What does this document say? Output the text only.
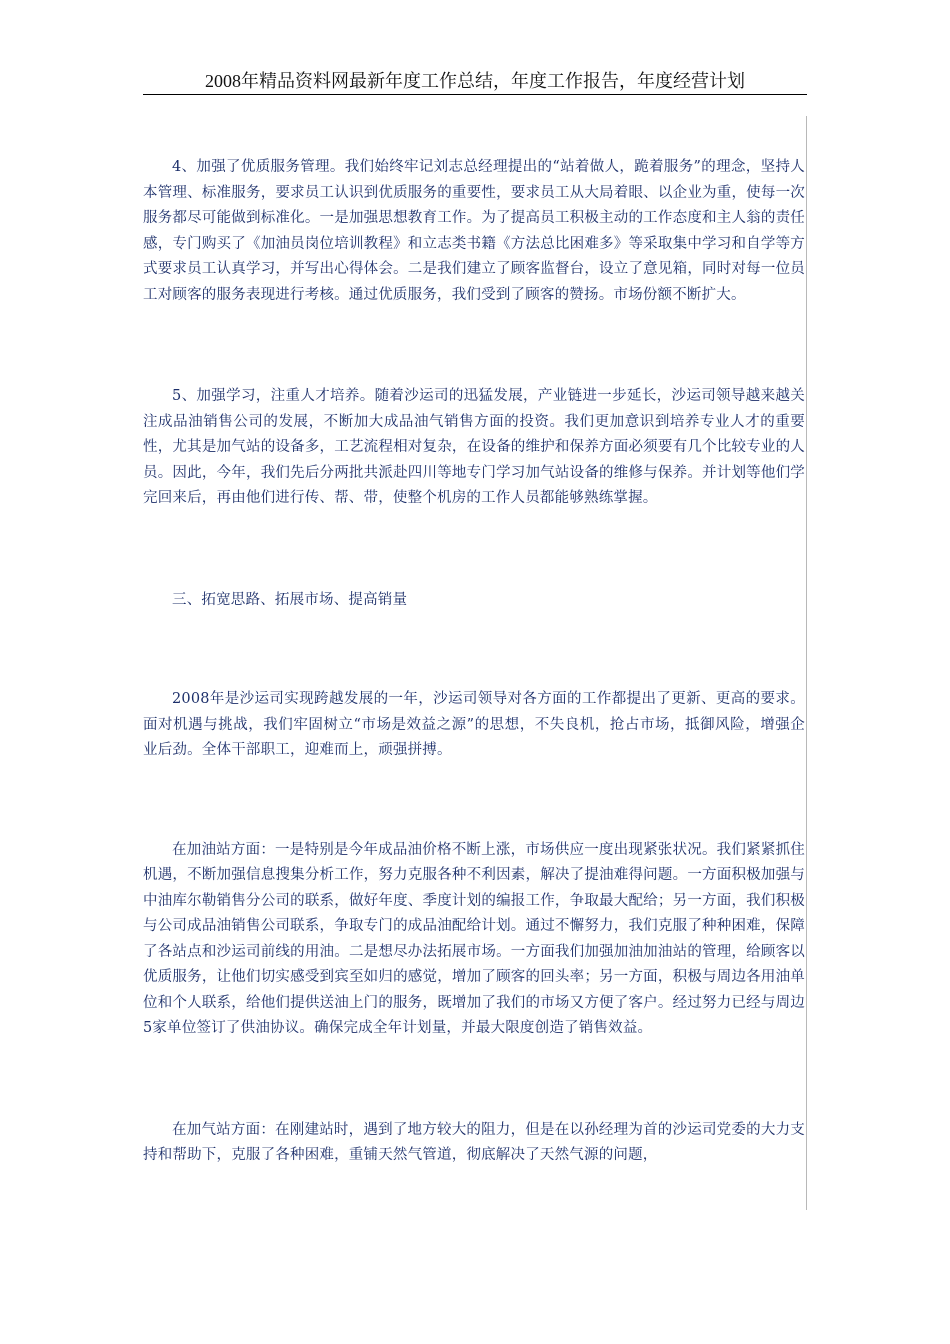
2008年精品资料网最新年度工作总结，年度工作报告，年度经营计划

4、加强了优质服务管理。我们始终牢记刘志总经理提出的“站着做人，跪着服务”的理念，坚持人本管理、标准服务，要求员工认识到优质服务的重要性，要求员工从大局着眼、以企业为重，使每一次服务都尽可能做到标准化。一是加强思想教育工作。为了提高员工积极主动的工作态度和主人翁的责任感，专门购买了《加油员岗位培训教程》和立志类书籍《方法总比困难多》等采取集中学习和自学等方式要求员工认真学习，并写出心得体会。二是我们建立了顾客监督台，设立了意见箱，同时对每一位员工对顾客的服务表现进行考核。通过优质服务，我们受到了顾客的赞扬。市场份额不断扩大。

5、加强学习，注重人才培养。随着沙运司的迅猛发展，产业链进一步延长，沙运司领导越来越关注成品油销售公司的发展，不断加大成品油气销售方面的投资。我们更加意识到培养专业人才的重要性，尤其是加气站的设备多，工艺流程相对复杂，在设备的维护和保养方面必须要有几个比较专业的人员。因此，今年，我们先后分两批共派赴四川等地专门学习加气站设备的维修与保养。并计划等他们学完回来后，再由他们进行传、帮、带，使整个机房的工作人员都能够熟练掌握。

三、拓宽思路、拓展市场、提高销量

2008年是沙运司实现跨越发展的一年，沙运司领导对各方面的工作都提出了更新、更高的要求。面对机遇与挑战，我们牢固树立“市场是效益之源”的思想，不失良机，抢占市场，抵御风险，增强企业后劲。全体干部职工，迎难而上，顽强拼搏。

在加油站方面：一是特别是今年成品油价格不断上涨，市场供应一度出现紧张状况。我们紧紧抓住机遇，不断加强信息搜集分析工作，努力克服各种不利因素，解决了提油难得问题。一方面积极加强与中油库尔勒销售分公司的联系，做好年度、季度计划的编报工作，争取最大配给；另一方面，我们积极与公司成品油销售公司联系，争取专门的成品油配给计划。通过不懈努力，我们克服了种种困难，保障了各站点和沙运司前线的用油。二是想尽办法拓展市场。一方面我们加强加油加油站的管理，给顾客以优质服务，让他们切实感受到宾至如归的感觉，增加了顾客的回头率；另一方面，积极与周边各用油单位和个人联系，给他们提供送油上门的服务，既增加了我们的市场又方便了客户。经过努力已经与周边5家单位签订了供油协议。确保完成全年计划量，并最大限度创造了销售效益。

在加气站方面：在刚建站时，遇到了地方较大的阻力，但是在以孙经理为首的沙运司党委的大力支持和帮助下，克服了各种困难，重铺天然气管道，彻底解决了天然气源的问题，
